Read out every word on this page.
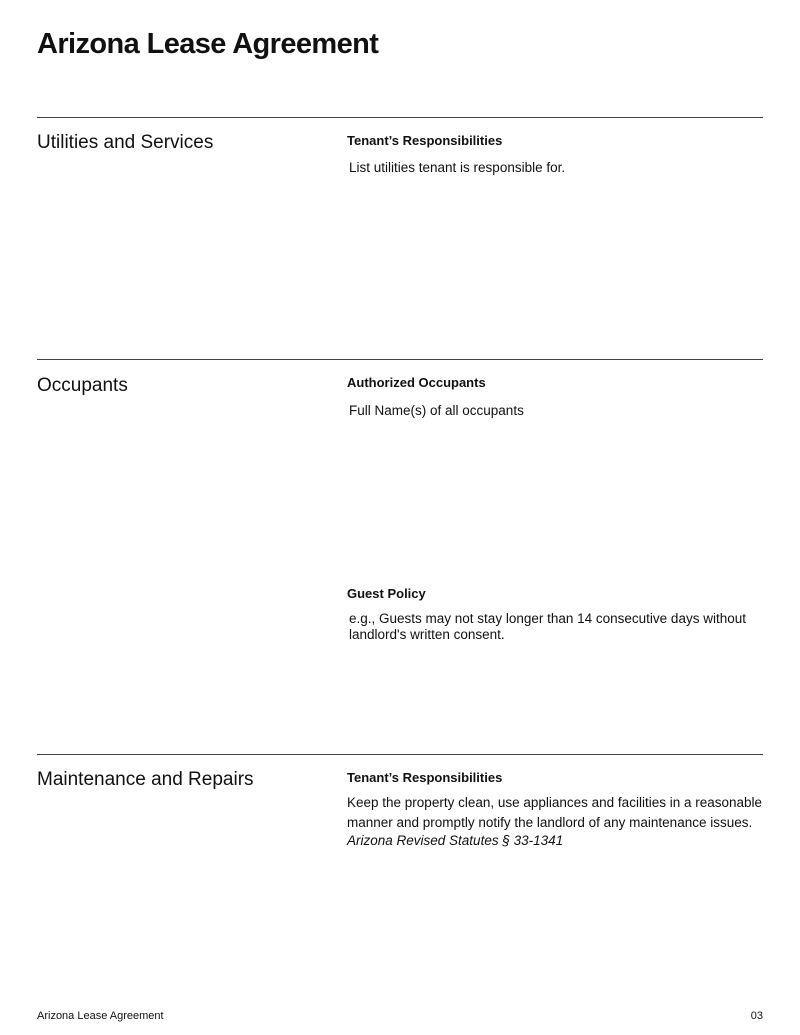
Arizona Lease Agreement
Utilities and Services	Tenant’s Responsibilities
List utilities tenant is responsible for.
Occupants	Authorized Occupants
Full Name(s) of all occupants
Guest Policy
e.g., Guests may not stay longer than 14 consecutive days without landlord's written consent.
Maintenance and Repairs	Tenant’s Responsibilities

Keep the property clean, use appliances and facilities in a reasonable manner and promptly notify the landlord of any maintenance issues.

Arizona Revised Statutes § 33-1341
Arizona Lease Agreement	03
